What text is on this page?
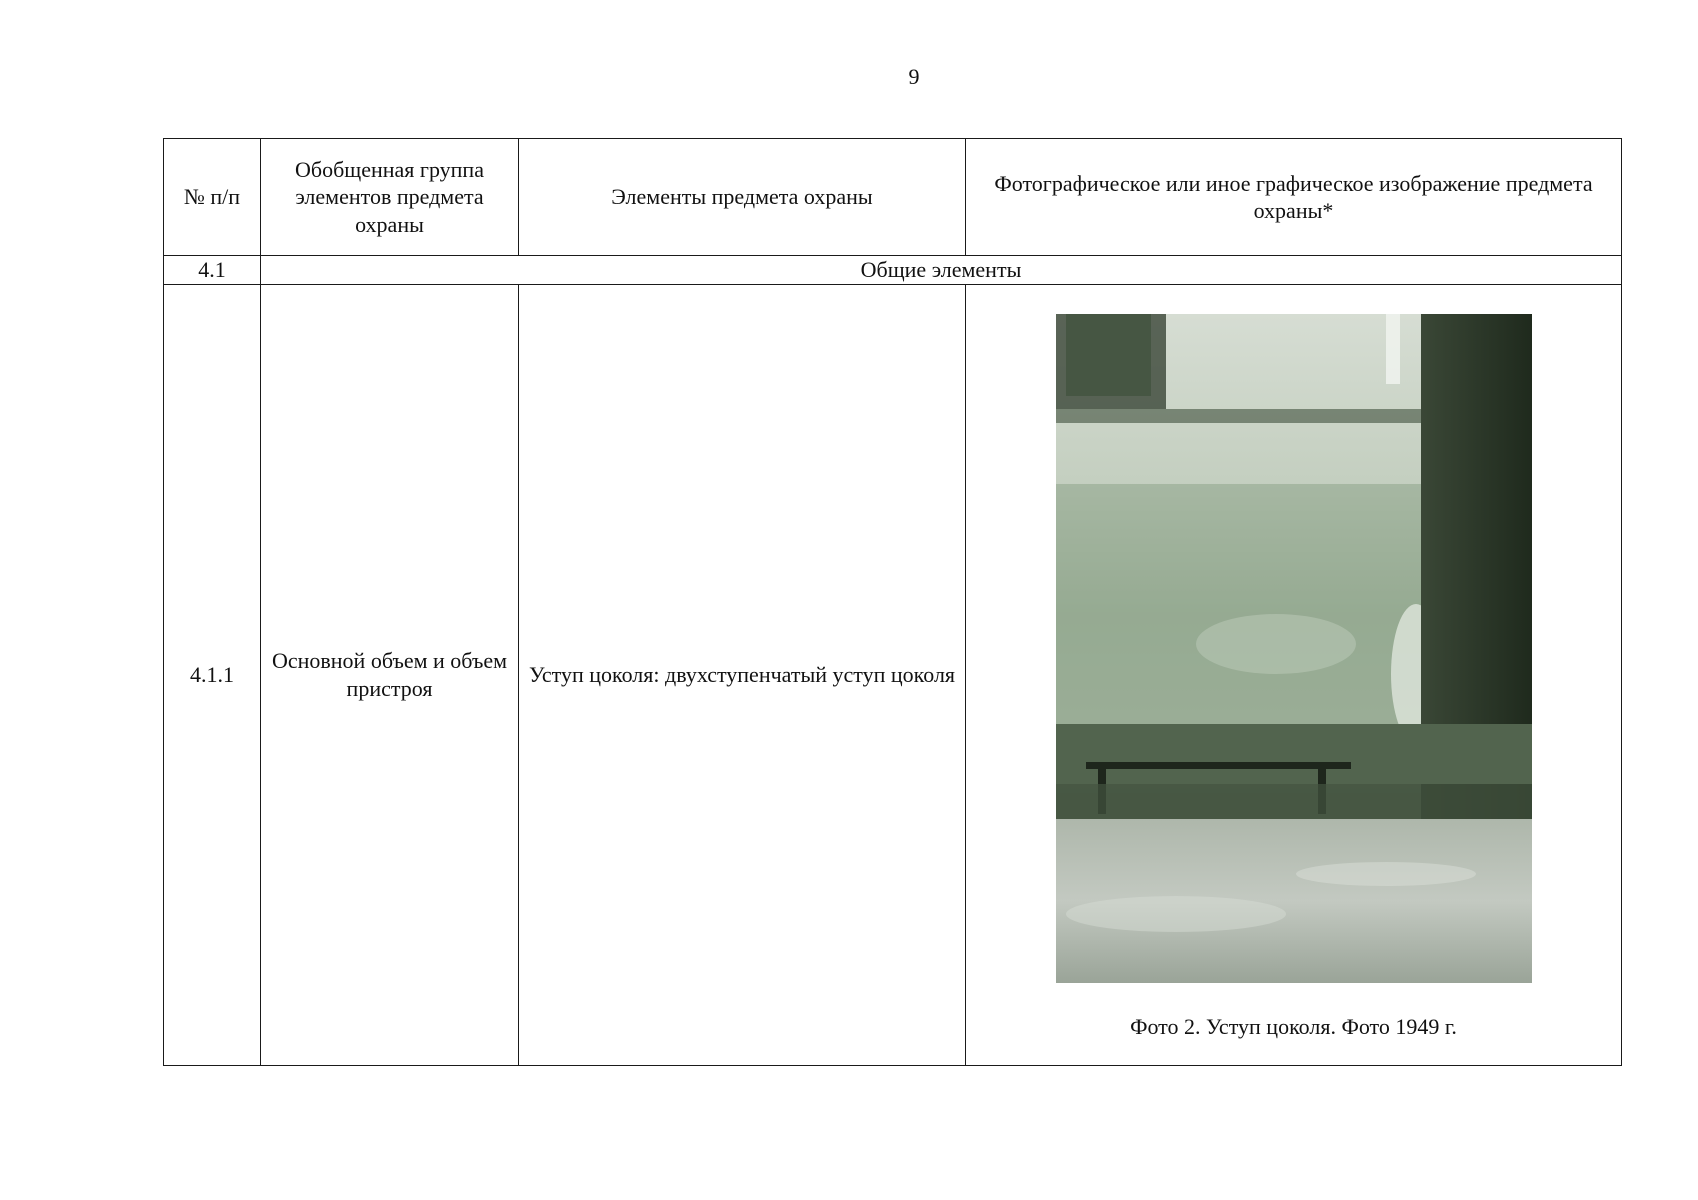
9
№ п/п	Обобщенная группа элементов предмета охраны	Элементы предмета охраны	Фотографическое или иное графическое изображение предмета охраны*
4.1	Общие элементы		
4.1.1	Основной объем и объем пристроя	Уступ цоколя: двухступенчатый уступ цоколя	Фото 2. Уступ цоколя. Фото 1949 г.
